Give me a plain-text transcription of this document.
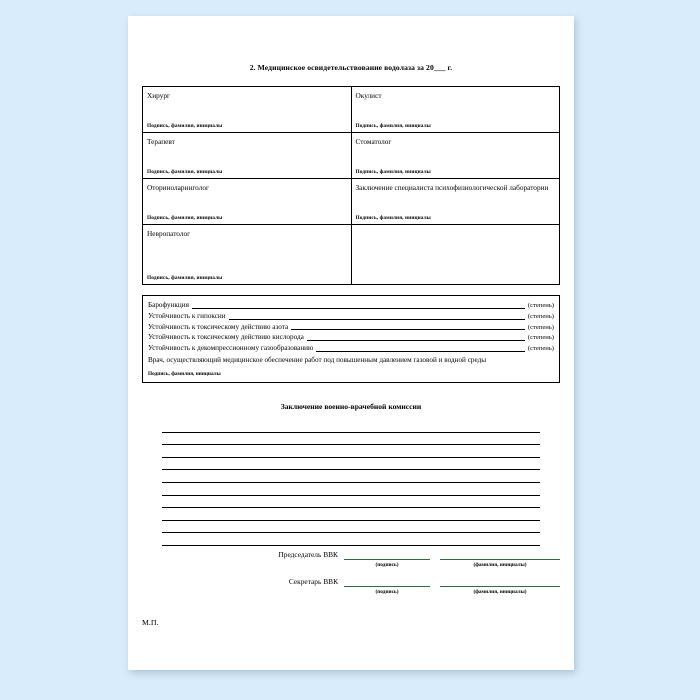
2. Медицинское освидетельствование водолаза за 20___ г.
Хирург
Подпись, фамилия, инициалы

Окулист
Подпись, фамилия, инициалы

Терапевт
Подпись, фамилия, инициалы

Стоматолог
Подпись, фамилия, инициалы

Оториноларинголог
Подпись, фамилия, инициалы

Заключение специалиста психофизиологической лаборатории
Подпись, фамилия, инициалы

Невропатолог
Подпись, фамилия, инициалы	

Барофункция	(степень)
Устойчивость к гипоксии	(степень)
Устойчивость к токсическому действию азота	(степень)
Устойчивость к токсическому действию кислорода	(степень)
Устойчивость к декомпрессионному газообразованию	(степень)
Врач, осуществляющий медицинское обеспечение работ под повышенным давлением газовой и водной среды
Подпись, фамилия, инициалы
Заключение военно-врачебной комиссии
Председатель ВВК
(подпись)	(фамилия, инициалы)
Секретарь ВВК
(подпись)	(фамилия, инициалы)
М.П.
